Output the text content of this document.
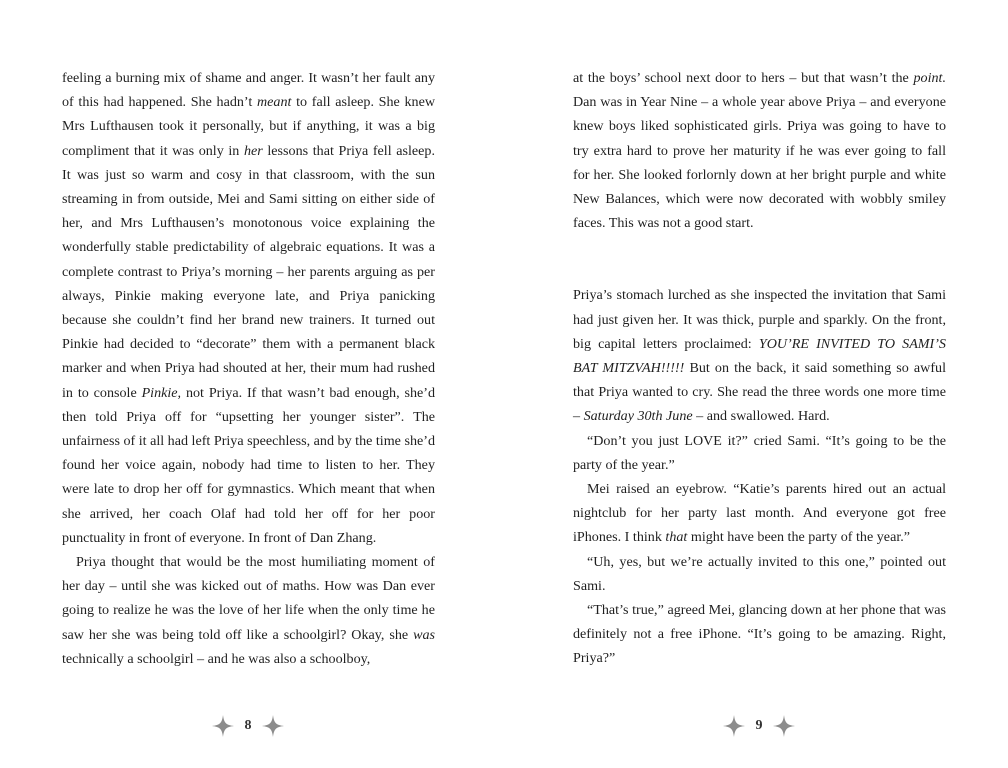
feeling a burning mix of shame and anger. It wasn’t her fault any of this had happened. She hadn’t meant to fall asleep. She knew Mrs Lufthausen took it personally, but if anything, it was a big compliment that it was only in her lessons that Priya fell asleep. It was just so warm and cosy in that classroom, with the sun streaming in from outside, Mei and Sami sitting on either side of her, and Mrs Lufthausen’s monotonous voice explaining the wonderfully stable predictability of algebraic equations. It was a complete contrast to Priya’s morning – her parents arguing as per always, Pinkie making everyone late, and Priya panicking because she couldn’t find her brand new trainers. It turned out Pinkie had decided to “decorate” them with a permanent black marker and when Priya had shouted at her, their mum had rushed in to console Pinkie, not Priya. If that wasn’t bad enough, she’d then told Priya off for “upsetting her younger sister”. The unfairness of it all had left Priya speechless, and by the time she’d found her voice again, nobody had time to listen to her. They were late to drop her off for gymnastics. Which meant that when she arrived, her coach Olaf had told her off for her poor punctuality in front of everyone. In front of Dan Zhang.

Priya thought that would be the most humiliating moment of her day – until she was kicked out of maths. How was Dan ever going to realize he was the love of her life when the only time he saw her she was being told off like a schoolgirl? Okay, she was technically a schoolgirl – and he was also a schoolboy,

8

at the boys’ school next door to hers – but that wasn’t the point. Dan was in Year Nine – a whole year above Priya – and everyone knew boys liked sophisticated girls. Priya was going to have to try extra hard to prove her maturity if he was ever going to fall for her. She looked forlornly down at her bright purple and white New Balances, which were now decorated with wobbly smiley faces. This was not a good start.

Priya’s stomach lurched as she inspected the invitation that Sami had just given her. It was thick, purple and sparkly. On the front, big capital letters proclaimed: YOU’RE INVITED TO SAMI’S BAT MITZVAH!!!!! But on the back, it said something so awful that Priya wanted to cry. She read the three words one more time – Saturday 30th June – and swallowed. Hard.

“Don’t you just LOVE it?” cried Sami. “It’s going to be the party of the year.”

Mei raised an eyebrow. “Katie’s parents hired out an actual nightclub for her party last month. And everyone got free iPhones. I think that might have been the party of the year.”

“Uh, yes, but we’re actually invited to this one,” pointed out Sami.

“That’s true,” agreed Mei, glancing down at her phone that was definitely not a free iPhone. “It’s going to be amazing. Right, Priya?”

9
